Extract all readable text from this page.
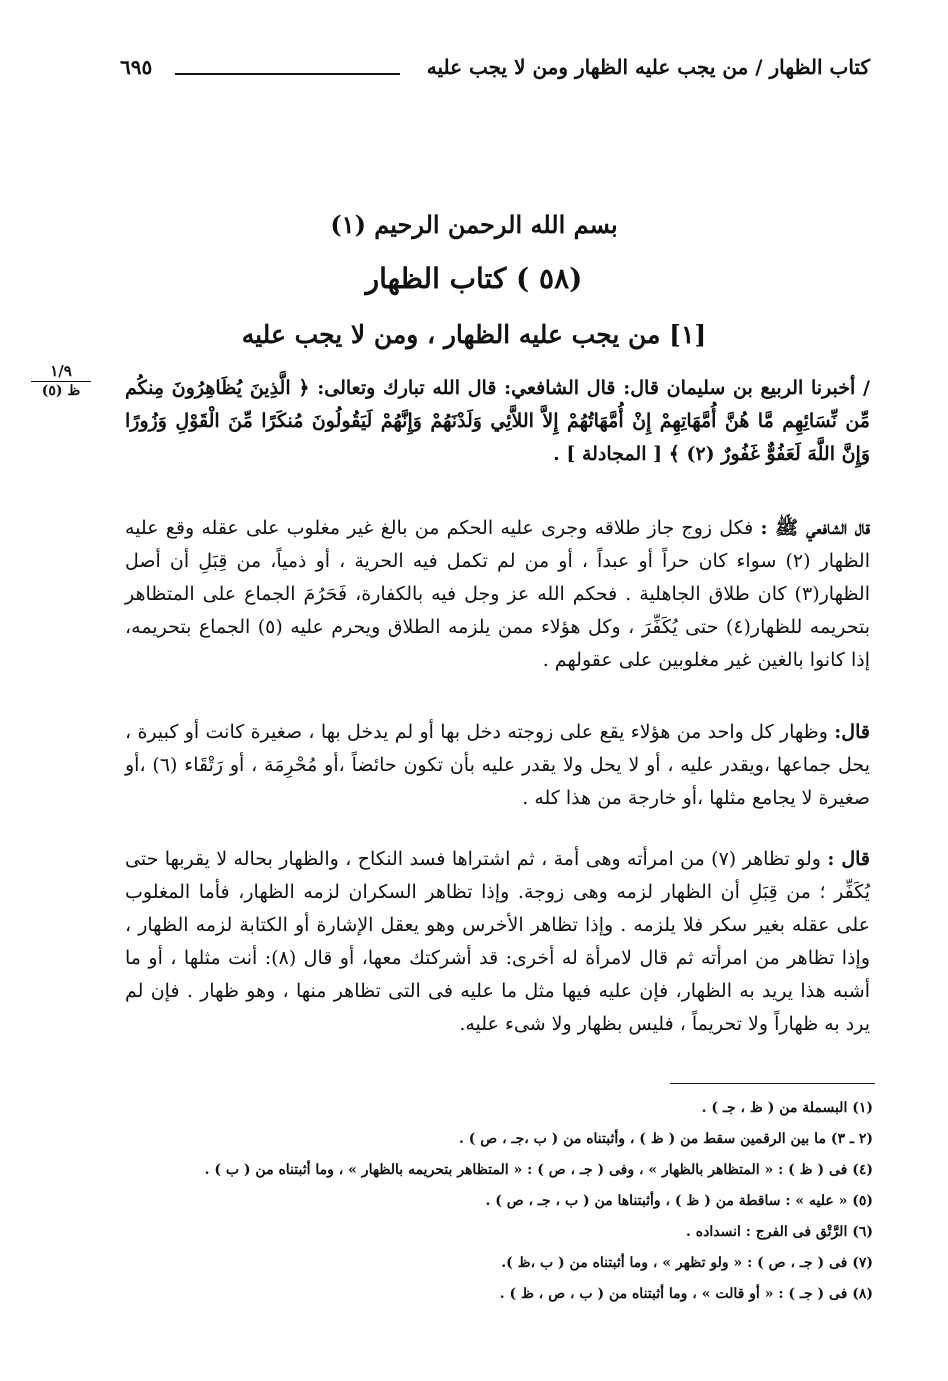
كتاب الظهار / من يجب عليه الظهار ومن لا يجب عليه
٦٩٥
بسم الله الرحمن الرحيم (١)
(٥٨ ) كتاب الظهار
[١] من يجب عليه الظهار ، ومن لا يجب عليه
١/٩
ظ (٥)	/ أخبرنا الربيع بن سليمان قال: قال الشافعي: قال الله تبارك وتعالى: ﴿ الَّذِينَ يُظَاهِرُونَ مِنكُم مِّن نِّسَائِهِم مَّا هُنَّ أُمَّهَاتِهِمْ إِنْ أُمَّهَاتُهُمْ إِلاَّ اللاَّئِي وَلَدْنَهُمْ وَإِنَّهُمْ لَيَقُولُونَ مُنكَرًا مِّنَ الْقَوْلِ وَزُورًا وَإِنَّ اللَّهَ لَعَفُوٌّ غَفُورٌ (٢) ﴾ [ المجادلة ] .
قال الشافعي ﷺ : فكل زوج جاز طلاقه وجرى عليه الحكم من بالغ غير مغلوب على عقله وقع عليه الظهار (٢) سواء كان حراً أو عبداً ، أو من لم تكمل فيه الحرية ، أو ذمياً، من قِبَلِ أن أصل الظهار(٣) كان طلاق الجاهلية . فحكم الله عز وجل فيه بالكفارة، فَحَرُمَ الجماع على المتظاهر بتحريمه للظهار(٤) حتى يُكَفِّرَ ، وكل هؤلاء ممن يلزمه الطلاق ويحرم عليه (٥) الجماع بتحريمه، إذا كانوا بالغين غير مغلوبين على عقولهم .
قال: وظهار كل واحد من هؤلاء يقع على زوجته دخل بها أو لم يدخل بها ، صغيرة كانت أو كبيرة ، يحل جماعها ،ويقدر عليه ، أو لا يحل ولا يقدر عليه بأن تكون حائضاً ،أو مُحْرِمَة ، أو رَتْقَاء (٦) ،أو صغيرة لا يجامع مثلها ،أو خارجة من هذا كله .
قال : ولو تظاهر (٧) من امرأته وهى أمة ، ثم اشتراها فسد النكاح ، والظهار بحاله لا يقربها حتى يُكَفِّر ؛ من قِبَلِ أن الظهار لزمه وهى زوجة. وإذا تظاهر السكران لزمه الظهار، فأما المغلوب على عقله بغير سكر فلا يلزمه . وإذا تظاهر الأخرس وهو يعقل الإشارة أو الكتابة لزمه الظهار ، وإذا تظاهر من امرأته ثم قال لامرأة له أخرى: قد أشركتك معها، أو قال (٨): أنت مثلها ، أو ما أشبه هذا يريد به الظهار، فإن عليه فيها مثل ما عليه فى التى تظاهر منها ، وهو ظهار . فإن لم يرد به ظهاراً ولا تحريماً ، فليس بظهار ولا شىء عليه.
(١) البسملة من ( ظ ، جـ ) .
(٢ ـ ٣) ما بين الرقمين سقط من ( ظ ) ، وأثبتناه من ( ب ،جـ ، ص ) .
(٤) فى ( ظ ) : « المتظاهر بالظهار » ، وفى ( جـ ، ص ) : « المتظاهر بتحريمه بالظهار » ، وما أثبتناه من ( ب ) .
(٥) « عليه » : ساقطة من ( ظ ) ، وأثبتناها من ( ب ، جـ ، ص ) .
(٦) الرَّتْق فى الفرج : انسداده .
(٧) فى ( جـ ، ص ) : « ولو تظهر » ، وما أثبتناه من ( ب ،ظ ).
(٨) فى ( جـ ) : « أو قالت » ، وما أثبتناه من ( ب ، ص ، ظ ) .
